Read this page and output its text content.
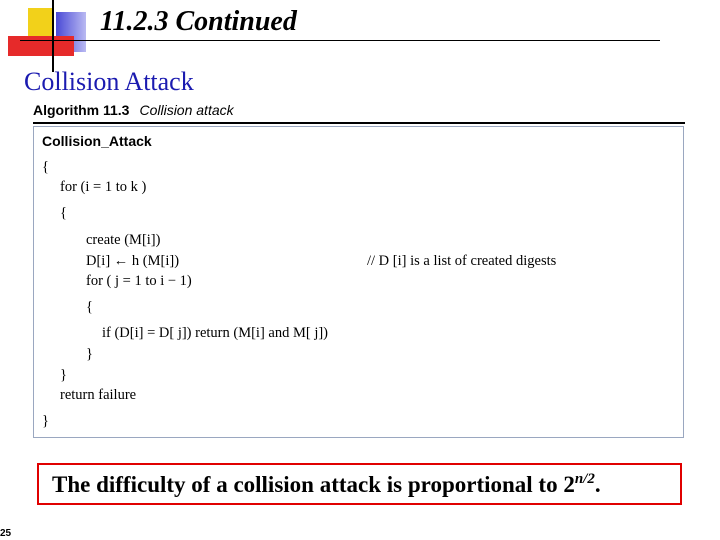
11.2.3 Continued
Collision Attack
Algorithm 11.3 Collision attack
Collision_Attack
{
for (i = 1 to k )
{
create (M[i])
D[i] ← h (M[i])	// D [i] is a list of created digests
for ( j = 1 to i − 1)
{
if (D[i] = D[ j]) return (M[i] and M[ j])
}
}
return failure
}
The difficulty of a collision attack is proportional to $2^{n/2}$.
25
